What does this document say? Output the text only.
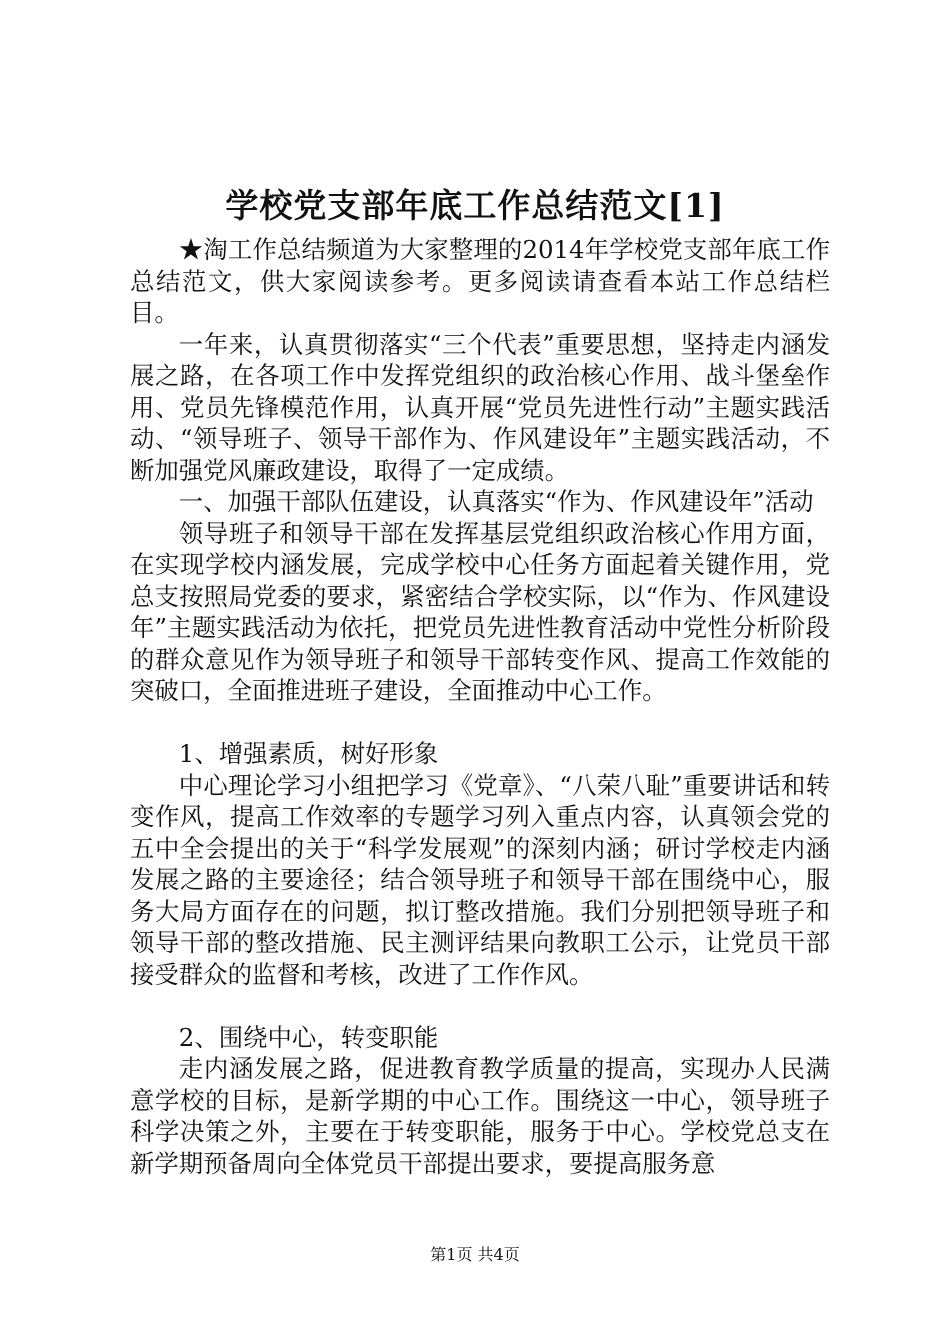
学校党支部年底工作总结范文[1]

★淘工作总结频道为大家整理的2014年学校党支部年底工作总结范文，供大家阅读参考。更多阅读请查看本站工作总结栏目。

一年来，认真贯彻落实“三个代表”重要思想，坚持走内涵发展之路，在各项工作中发挥党组织的政治核心作用、战斗堡垒作用、党员先锋模范作用，认真开展“党员先进性行动”主题实践活动、“领导班子、领导干部作为、作风建设年”主题实践活动，不断加强党风廉政建设，取得了一定成绩。

一、加强干部队伍建设，认真落实“作为、作风建设年”活动

领导班子和领导干部在发挥基层党组织政治核心作用方面，在实现学校内涵发展，完成学校中心任务方面起着关键作用，党总支按照局党委的要求，紧密结合学校实际，以“作为、作风建设年”主题实践活动为依托，把党员先进性教育活动中党性分析阶段的群众意见作为领导班子和领导干部转变作风、提高工作效能的突破口，全面推进班子建设，全面推动中心工作。

1、增强素质，树好形象

中心理论学习小组把学习《党章》、“八荣八耻”重要讲话和转变作风，提高工作效率的专题学习列入重点内容，认真领会党的五中全会提出的关于“科学发展观”的深刻内涵；研讨学校走内涵发展之路的主要途径；结合领导班子和领导干部在围绕中心，服务大局方面存在的问题，拟订整改措施。我们分别把领导班子和领导干部的整改措施、民主测评结果向教职工公示，让党员干部接受群众的监督和考核，改进了工作作风。

2、围绕中心，转变职能

走内涵发展之路，促进教育教学质量的提高，实现办人民满意学校的目标，是新学期的中心工作。围绕这一中心，领导班子科学决策之外，主要在于转变职能，服务于中心。学校党总支在新学期预备周向全体党员干部提出要求，要提高服务意

第1页 共4页
